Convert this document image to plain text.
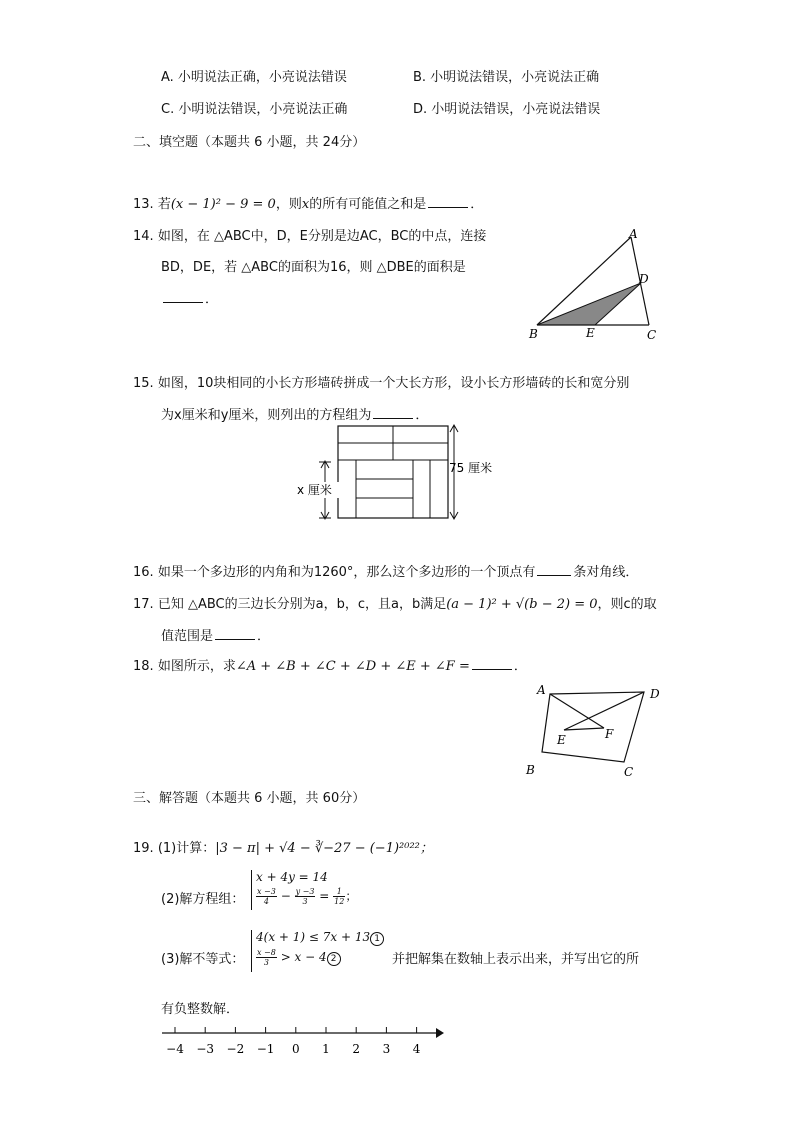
A. 小明说法正确，小亮说法错误	B. 小明说法错误，小亮说法正确
C. 小明说法错误，小亮说法正确	D. 小明说法错误，小亮说法错误
二、填空题（本题共 6 小题，共 24分）
13. 若(x − 1)² − 9 = 0，则x的所有可能值之和是	．
14. 如图，在 △ABC中，D，E分别是边AC，BC的中点，连接
BD，DE，若 △ABC的面积为16，则 △DBE的面积是
．
A
B	C
D
E
15. 如图，10块相同的小长方形墙砖拼成一个大长方形，设小长方形墙砖的长和宽分别
为x厘米和y厘米，则列出的方程组为	．
75 厘米
x 厘米
16. 如果一个多边形的内角和为1260°，那么这个多边形的一个顶点有	条对角线．
17. 已知 △ABC的三边长分别为a，b，c，且a，b满足(a − 1)² + √(b − 2) = 0，则c的取
值范围是	．
18. 如图所示，求∠A + ∠B + ∠C + ∠D + ∠E + ∠F =	．
A
B	C
D
E	F
三、解答题（本题共 6 小题，共 60分）
19. (1)计算：|3 − π| + √4 − ∛−27 − (−1)²⁰²²；
(2)解方程组：
x + 4y = 14
$\frac{x -3}{4} - \frac{y -3}{3} = \frac{1}{12}$ ；
(3)解不等式：
4(x + 1) ≤ 7x + 13 1
$\frac{x -8}{3} > x - 4$ 2	并把解集在数轴上表示出来，并写出它的所
有负整数解．
−4 −3 −2 −1 0 1 2 3 4
